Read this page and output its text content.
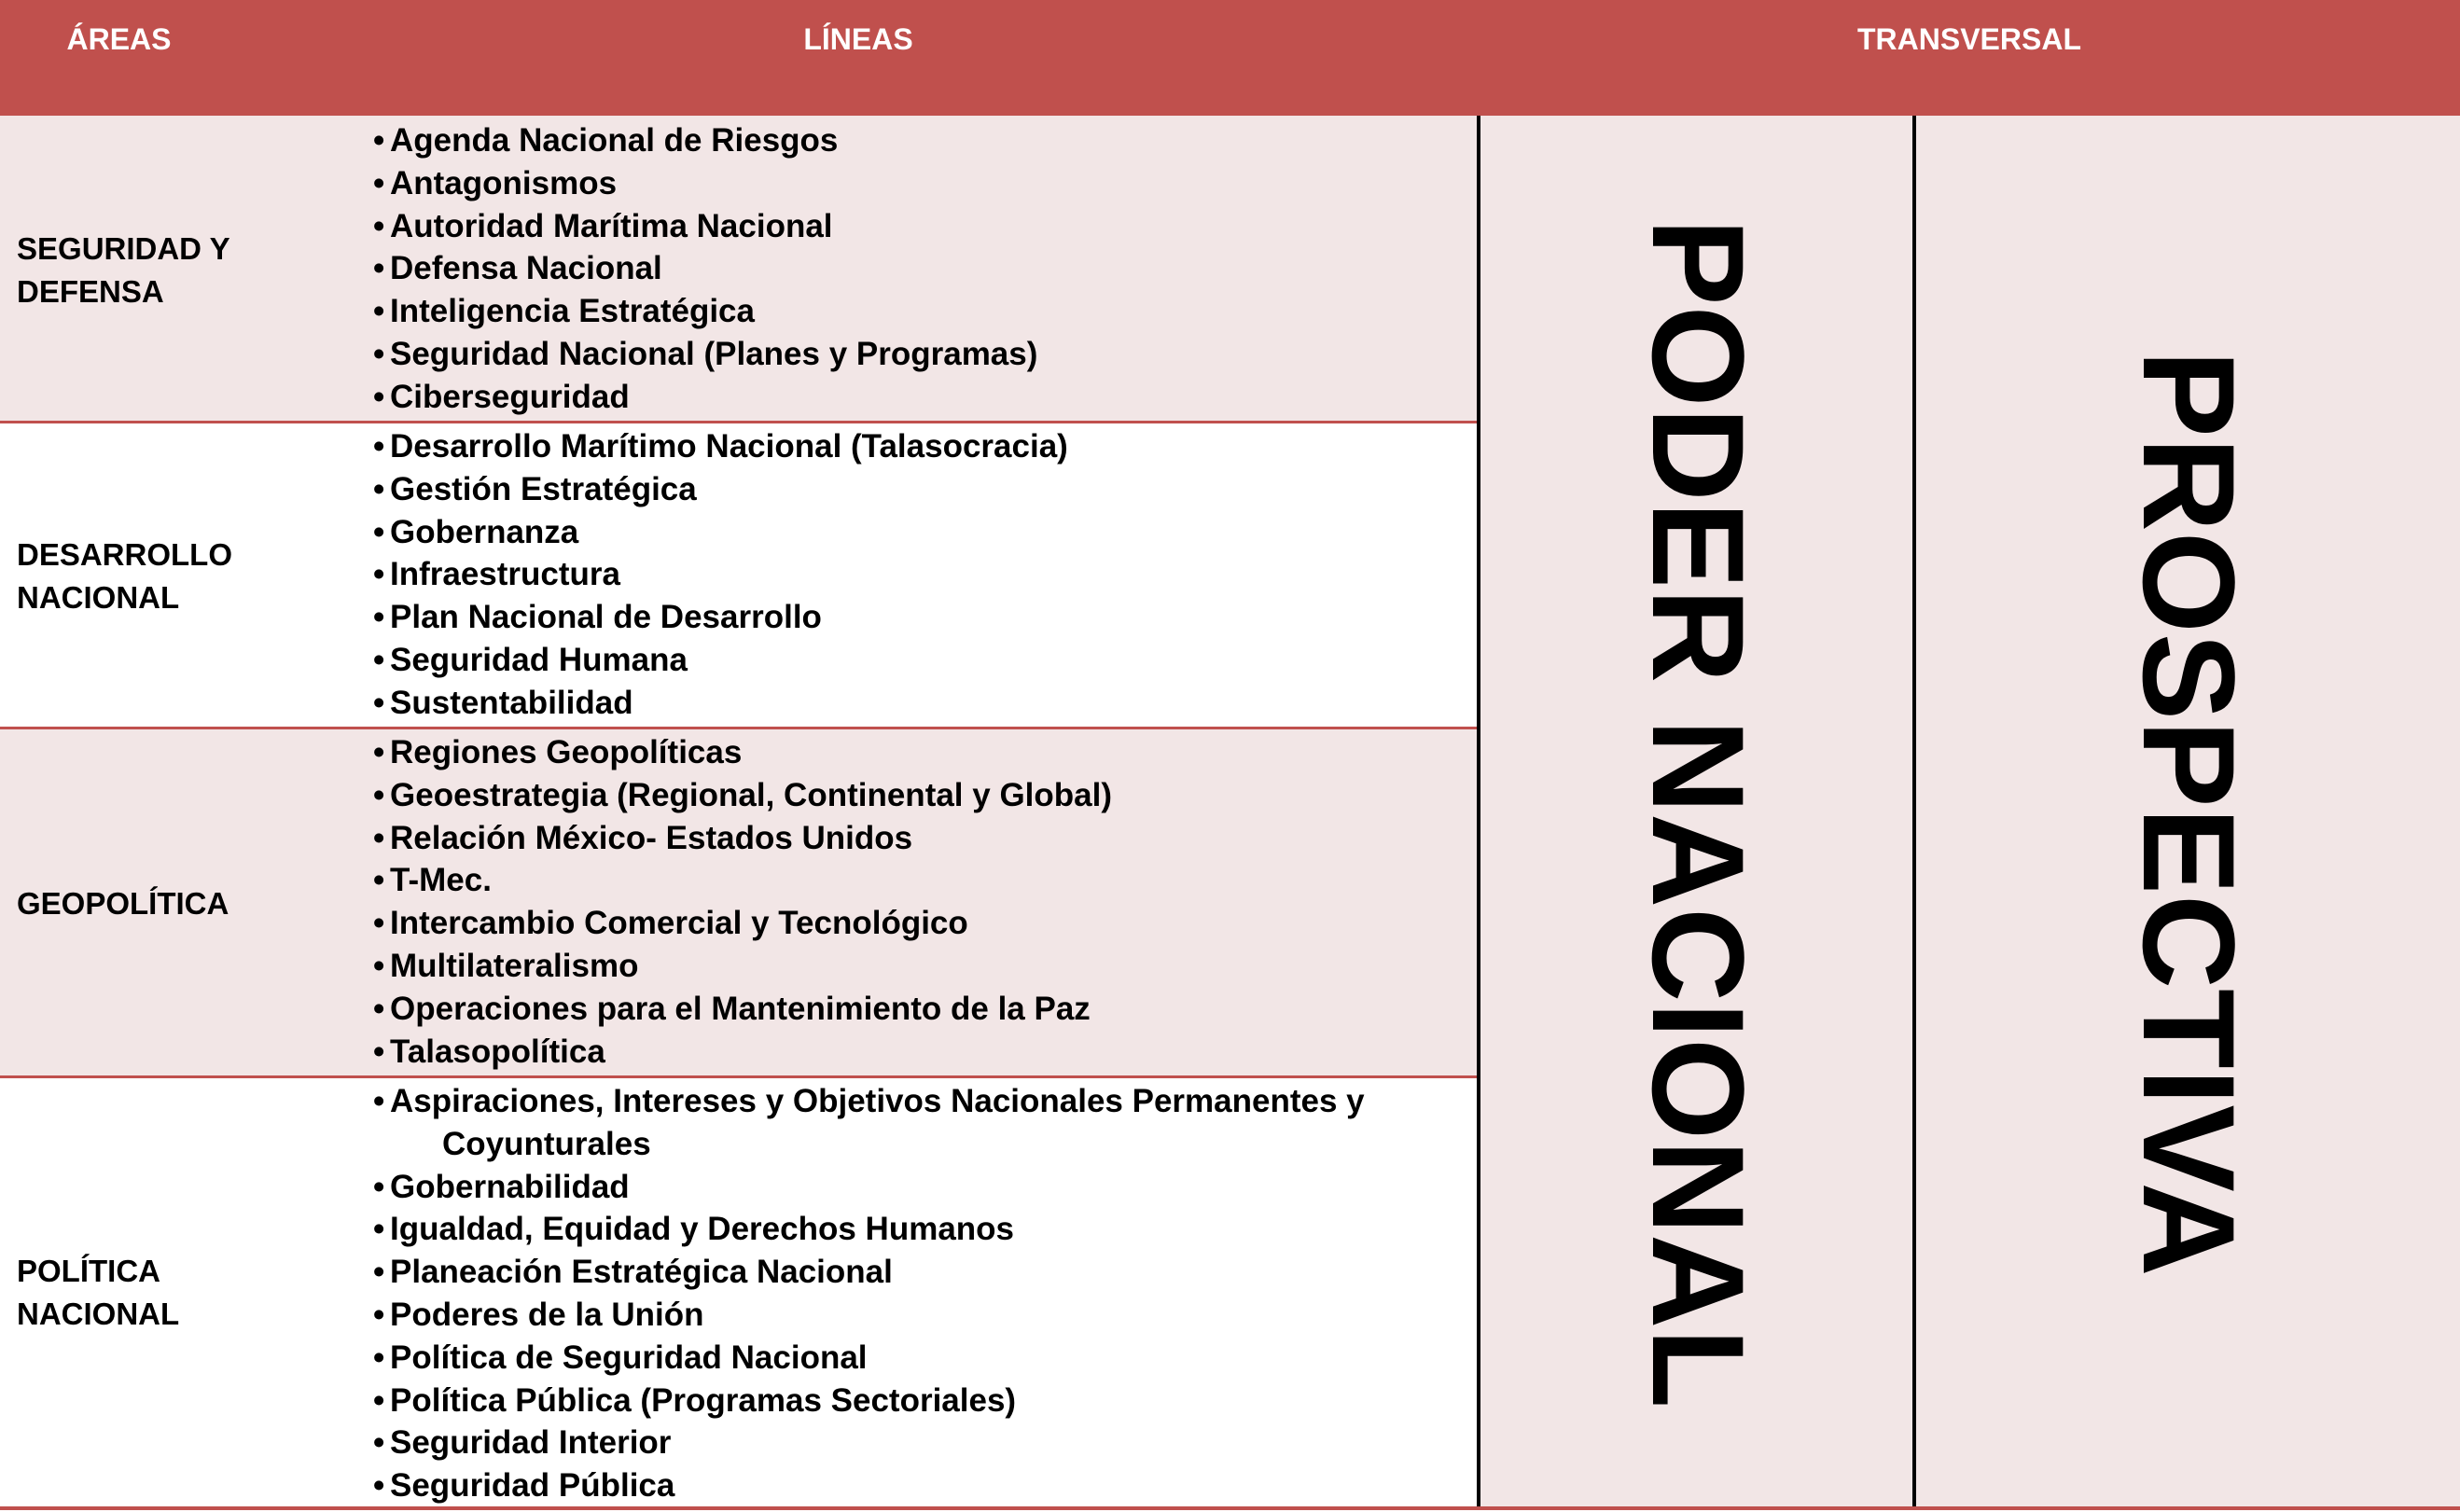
ÁREAS	LÍNEAS	TRANSVERSAL
SEGURIDAD Y
DEFENSA
• Agenda Nacional de Riesgos
• Antagonismos
• Autoridad Marítima Nacional
• Defensa Nacional
• Inteligencia Estratégica
• Seguridad Nacional (Planes y Programas)
• Ciberseguridad
DESARROLLO
NACIONAL
• Desarrollo Marítimo Nacional (Talasocracia)
• Gestión Estratégica
• Gobernanza
• Infraestructura
• Plan Nacional de Desarrollo
• Seguridad Humana
• Sustentabilidad
GEOPOLÍTICA
• Regiones Geopolíticas
• Geoestrategia (Regional, Continental y Global)
• Relación México- Estados Unidos
• T-Mec.
• Intercambio Comercial y Tecnológico
• Multilateralismo
• Operaciones para el Mantenimiento de la Paz
• Talasopolítica
POLÍTICA
NACIONAL
• Aspiraciones, Intereses y Objetivos Nacionales Permanentes y
Coyunturales
• Gobernabilidad
• Igualdad, Equidad y Derechos Humanos
• Planeación Estratégica Nacional
• Poderes de la Unión
• Política de Seguridad Nacional
• Política Pública (Programas Sectoriales)
• Seguridad Interior
• Seguridad Pública
PODER NACIONAL	PROSPECTIVA
